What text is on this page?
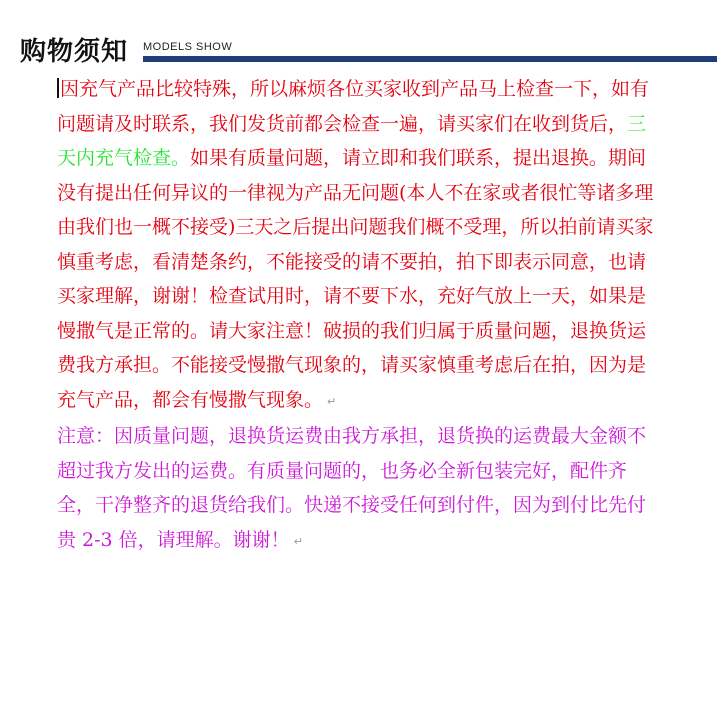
购物须知 MODELS SHOW

因充气产品比较特殊，所以麻烦各位买家收到产品马上检查一下，如有问题请及时联系，我们发货前都会检查一遍，请买家们在收到货后，三天内充气检查。如果有质量问题，请立即和我们联系，提出退换。期间没有提出任何异议的一律视为产品无问题(本人不在家或者很忙等诸多理由我们也一概不接受)三天之后提出问题我们概不受理，所以拍前请买家慎重考虑，看清楚条约，不能接受的请不要拍，拍下即表示同意，也请买家理解，谢谢！检查试用时，请不要下水，充好气放上一天，如果是慢撒气是正常的。请大家注意！破损的我们归属于质量问题，退换货运费我方承担。不能接受慢撒气现象的，请买家慎重考虑后在拍，因为是充气产品，都会有慢撒气现象。 ↵

注意：因质量问题，退换货运费由我方承担，退货换的运费最大金额不超过我方发出的运费。有质量问题的，也务必全新包装完好，配件齐全，干净整齐的退货给我们。快递不接受任何到付件，因为到付比先付贵 2-3 倍，请理解。谢谢！ ↵
